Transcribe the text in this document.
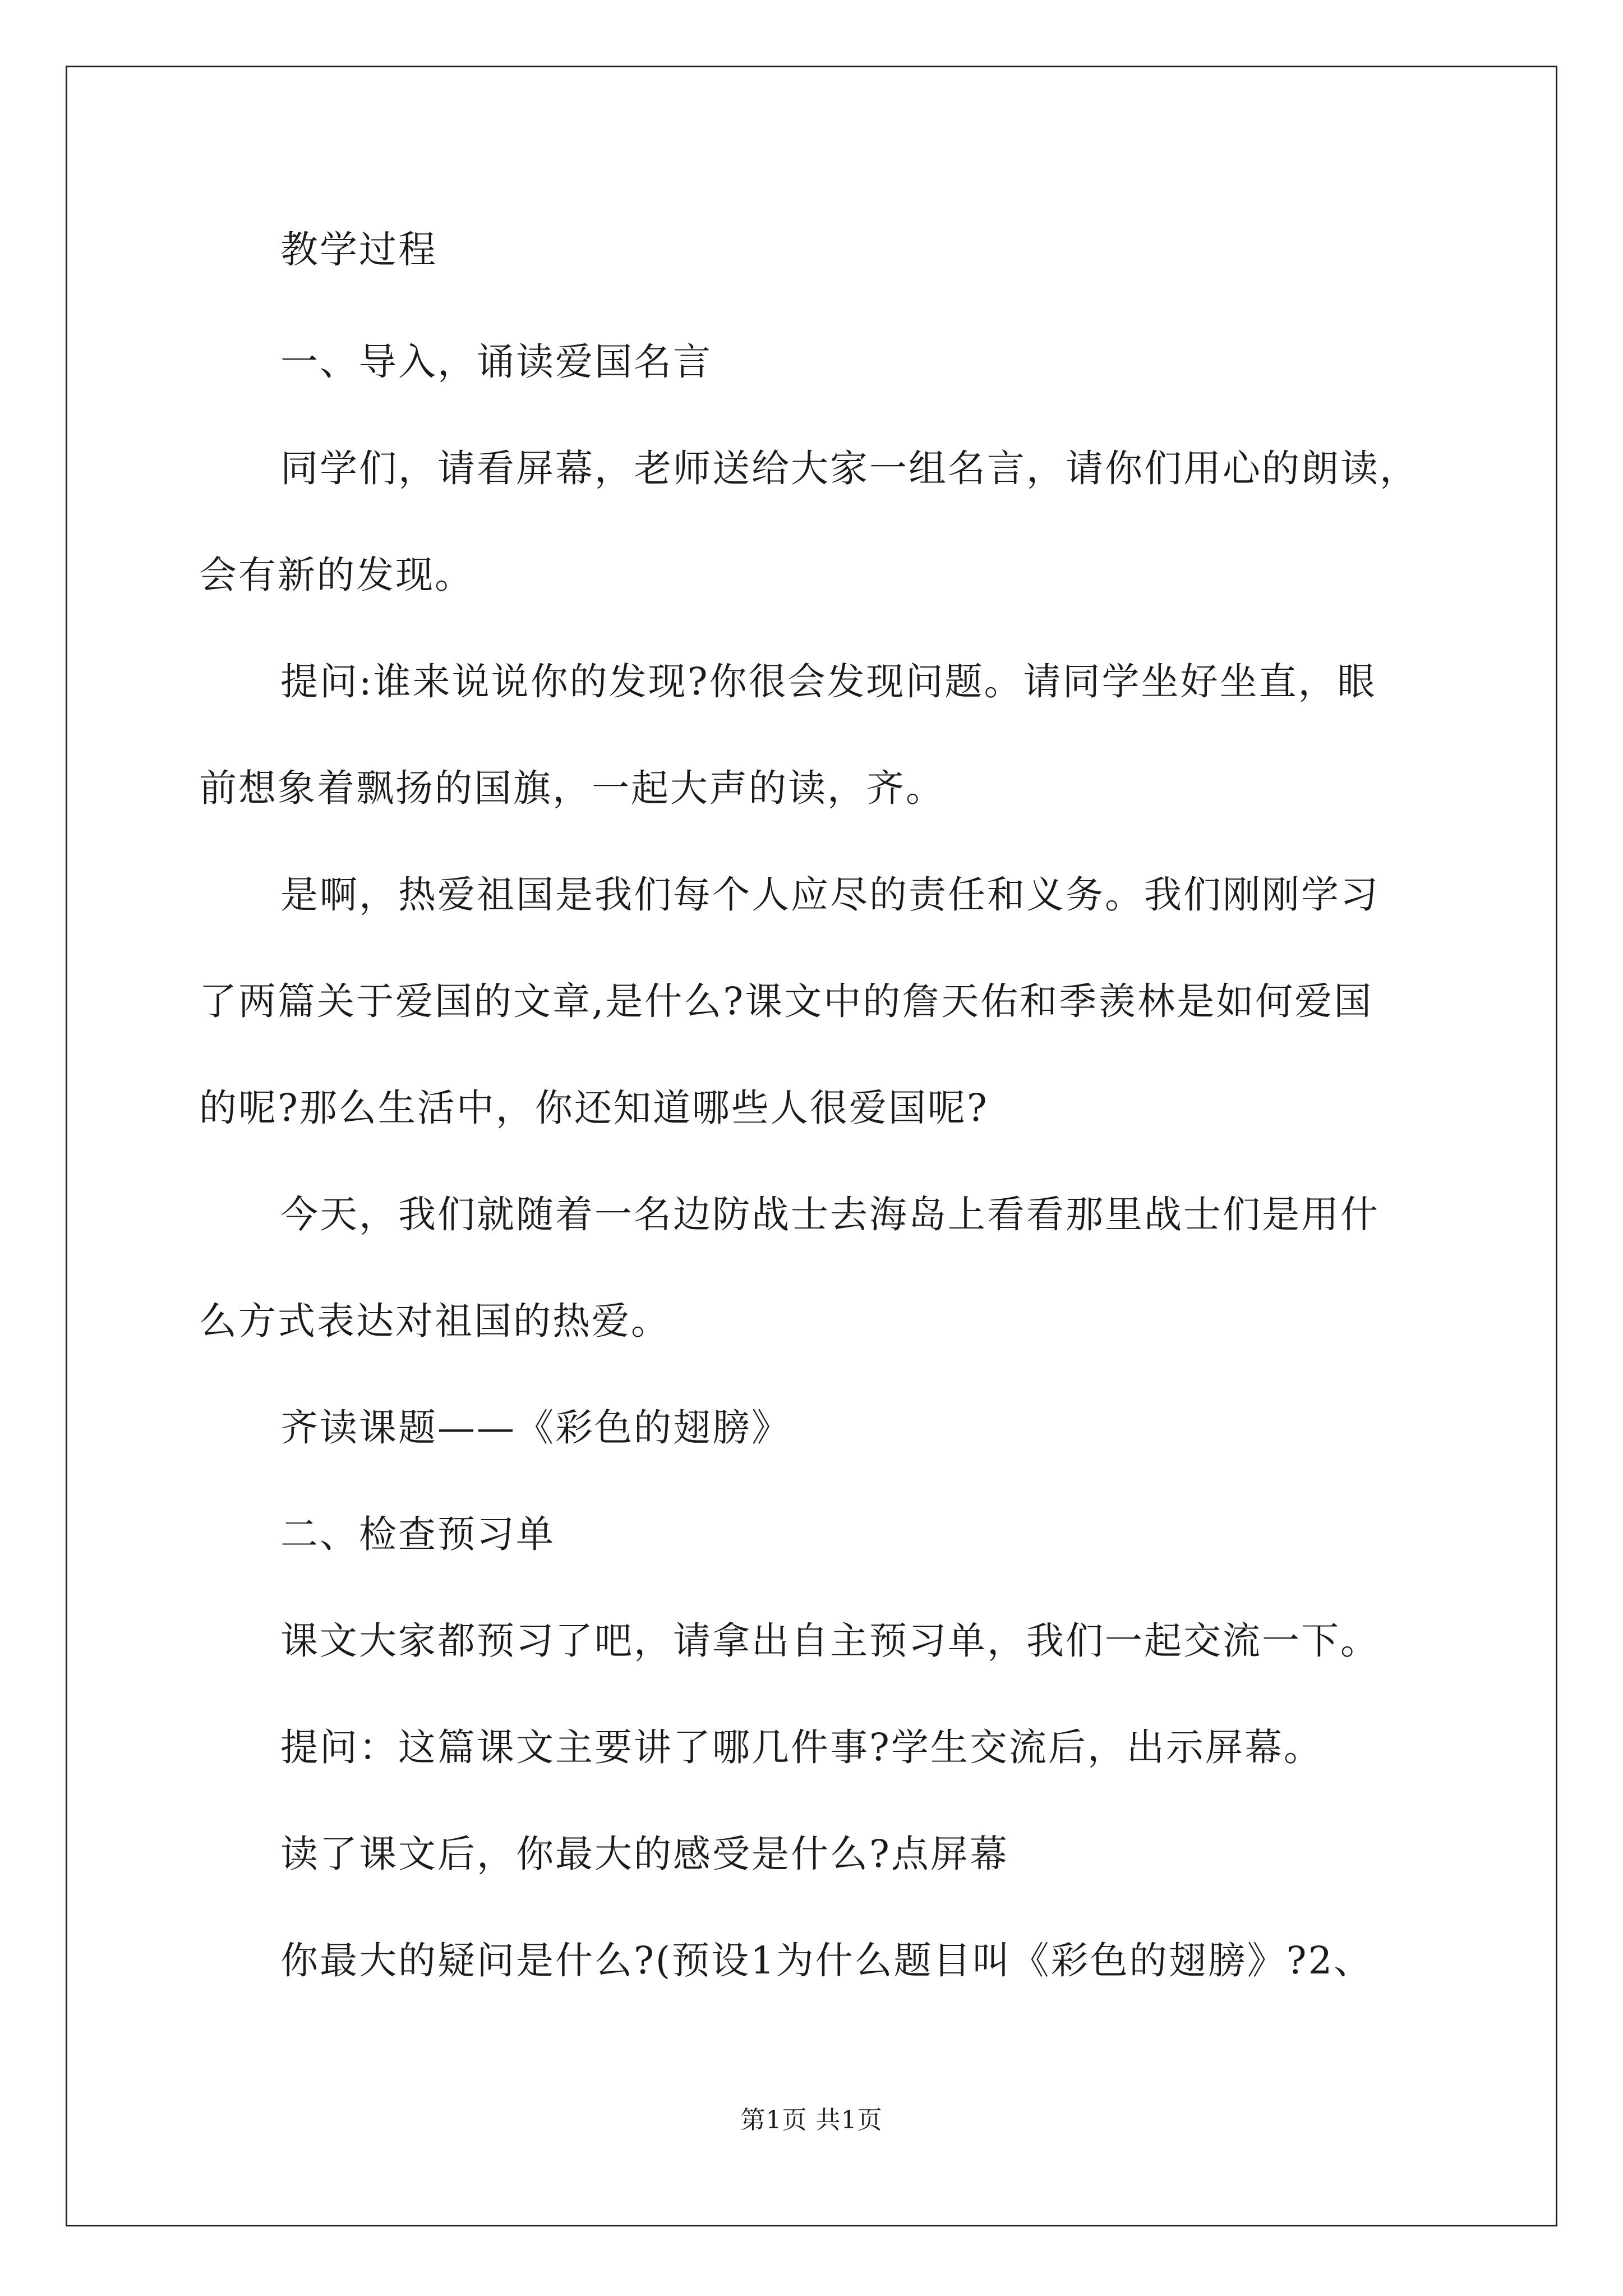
教学过程
一、导入，诵读爱国名言
同学们，请看屏幕，老师送给大家一组名言，请你们用心的朗读，
会有新的发现。
提问:谁来说说你的发现?你很会发现问题。请同学坐好坐直，眼
前想象着飘扬的国旗，一起大声的读，齐。
是啊，热爱祖国是我们每个人应尽的责任和义务。我们刚刚学习
了两篇关于爱国的文章,是什么?课文中的詹天佑和季羡林是如何爱国
的呢?那么生活中，你还知道哪些人很爱国呢?
今天，我们就随着一名边防战士去海岛上看看那里战士们是用什
么方式表达对祖国的热爱。
齐读课题——《彩色的翅膀》
二、检查预习单
课文大家都预习了吧，请拿出自主预习单，我们一起交流一下。
提问：这篇课文主要讲了哪几件事?学生交流后，出示屏幕。
读了课文后，你最大的感受是什么?点屏幕
你最大的疑问是什么?(预设1为什么题目叫《彩色的翅膀》?2、
第1页 共1页
